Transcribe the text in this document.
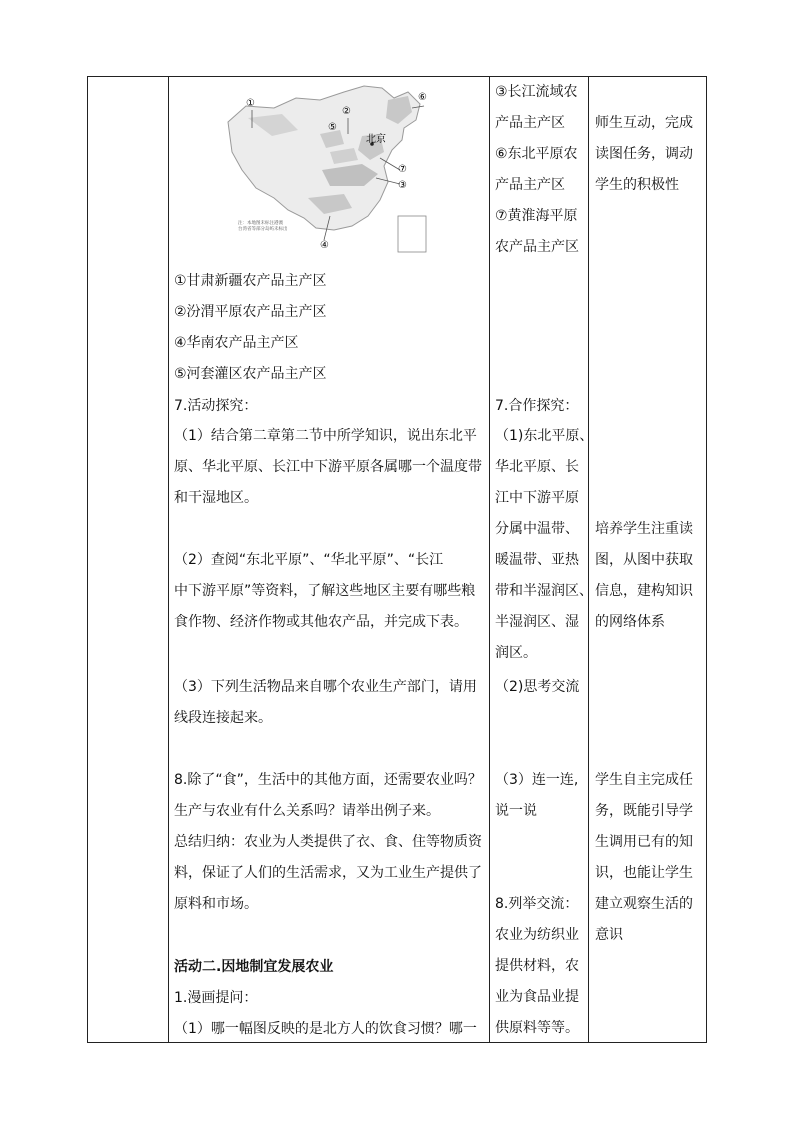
北京
①
②
⑤
⑥
⑦
③
④
注：本地图未标注港澳
台湾省等部分岛屿未标出
①甘肃新疆农产品主产区
②汾渭平原农产品主产区
④华南农产品主产区
⑤河套灌区农产品主产区
7.活动探究：
（1）结合第二章第二节中所学知识，说出东北平
原、华北平原、长江中下游平原各属哪一个温度带
和干湿地区。
（2）查阅“东北平原”、“华北平原”、“长江
中下游平原”等资料，了解这些地区主要有哪些粮
食作物、经济作物或其他农产品，并完成下表。
（3）下列生活物品来自哪个农业生产部门，请用
线段连接起来。
8.除了“食”，生活中的其他方面，还需要农业吗？
生产与农业有什么关系吗？请举出例子来。
总结归纳：农业为人类提供了衣、食、住等物质资
料，保证了人们的生活需求，又为工业生产提供了
原料和市场。
活动二.因地制宜发展农业
1.漫画提问：
（1）哪一幅图反映的是北方人的饮食习惯？哪一
③长江流域农
产品主产区
⑥东北平原农
产品主产区
⑦黄淮海平原
农产品主产区
7.合作探究：
（1)东北平原、
华北平原、长
江中下游平原
分属中温带、
暖温带、亚热
带和半湿润区、
半湿润区、湿
润区。
（2)思考交流
（3）连一连,
说一说
8.列举交流：
农业为纺织业
提供材料，农
业为食品业提
供原料等等。
师生互动，完成
读图任务，调动
学生的积极性
培养学生注重读
图，从图中获取
信息，建构知识
的网络体系
学生自主完成任
务，既能引导学
生调用已有的知
识，也能让学生
建立观察生活的
意识
